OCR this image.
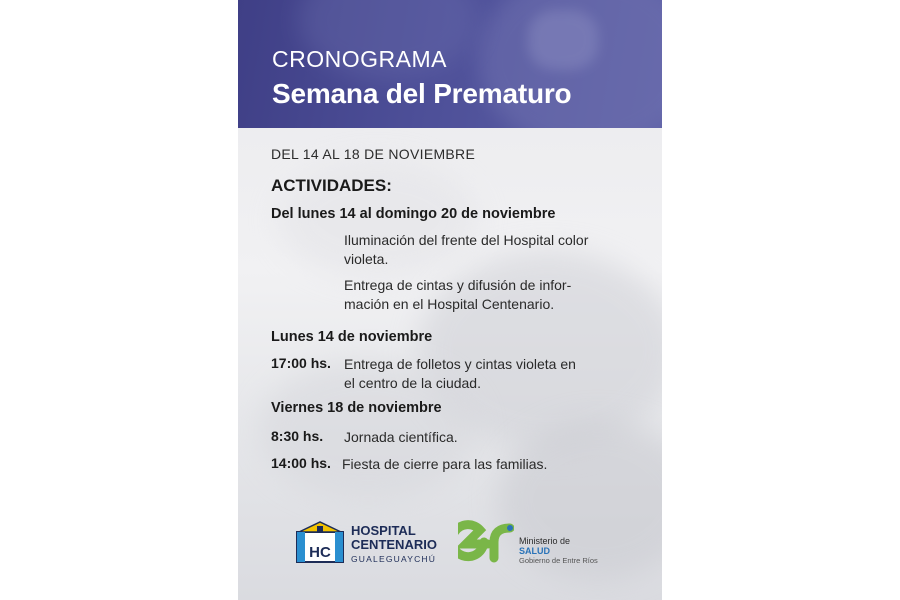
CRONOGRAMA
Semana del Prematuro
DEL 14 AL 18 DE NOVIEMBRE
ACTIVIDADES:
Del lunes 14 al domingo 20 de noviembre
Iluminación del frente del Hospital color
violeta.
Entrega de cintas y difusión de infor-
mación en el Hospital Centenario.
Lunes 14 de noviembre
17:00 hs. Entrega de folletos y cintas violeta en
el centro de la ciudad.
Viernes 18 de noviembre
8:30 hs. Jornada científica.
14:00 hs. Fiesta de cierre para las familias.
HC
HOSPITAL
CENTENARIO
GUALEGUAYCHÚ
Ministerio de
SALUD
Gobierno de Entre Ríos
